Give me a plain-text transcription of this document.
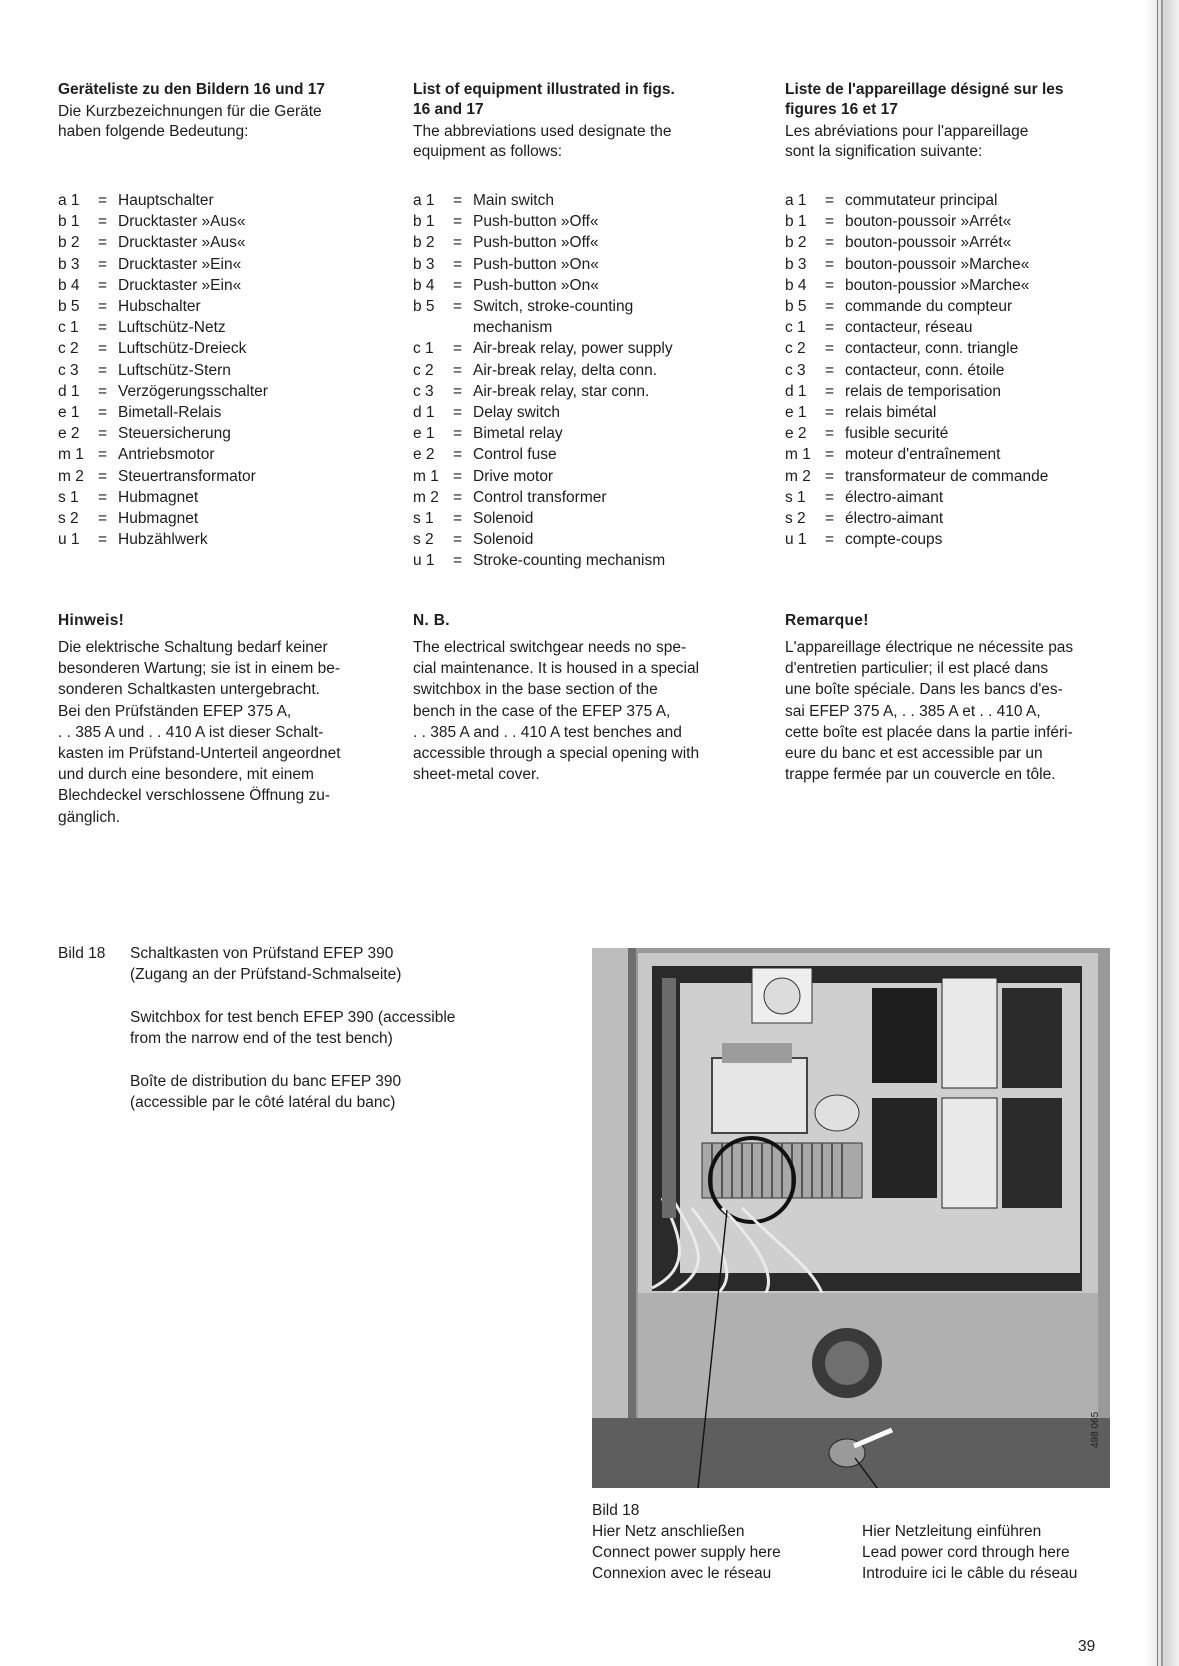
Geräteliste zu den Bildern 16 und 17

Die Kurzbezeichnungen für die Geräte
haben folgende Bedeutung:

List of equipment illustrated in figs.
16 and 17

The abbreviations used designate the
equipment as follows:

Liste de l'appareillage désigné sur les
figures 16 et 17

Les abréviations pour l'appareillage
sont la signification suivante:

a 1	= Hauptschalter
b 1	= Drucktaster »Aus«
b 2	= Drucktaster »Aus«
b 3	= Drucktaster »Ein«
b 4	= Drucktaster »Ein«
b 5	= Hubschalter
c 1	= Luftschütz-Netz
c 2	= Luftschütz-Dreieck
c 3	= Luftschütz-Stern
d 1	= Verzögerungsschalter
e 1	= Bimetall-Relais
e 2	= Steuersicherung
m 1 = Antriebsmotor
m 2 = Steuertransformator
s 1	= Hubmagnet
s 2	= Hubmagnet
u 1	= Hubzählwerk
a 1	= Main switch
b 1	= Push-button »Off«
b 2	= Push-button »Off«
b 3	= Push-button »On«
b 4	= Push-button »On«
b 5	= Switch, stroke-counting
mechanism
c 1	= Air-break relay, power supply
c 2	= Air-break relay, delta conn.
c 3	= Air-break relay, star conn.
d 1	= Delay switch
e 1	= Bimetal relay
e 2	= Control fuse
m 1 = Drive motor
m 2 = Control transformer
s 1	= Solenoid
s 2	= Solenoid
u 1	= Stroke-counting mechanism
a 1	= commutateur principal
b 1	= bouton-poussoir »Arrét«
b 2	= bouton-poussoir »Arrét«
b 3	= bouton-poussoir »Marche«
b 4	= bouton-poussior »Marche«
b 5	= commande du compteur
c 1	= contacteur, réseau
c 2	= contacteur, conn. triangle
c 3	= contacteur, conn. étoile
d 1	= relais de temporisation
e 1	= relais bimétal
e 2	= fusible securité
m 1 = moteur d'entraînement
m 2 = transformateur de commande
s 1	= électro-aimant
s 2	= électro-aimant
u 1	= compte-coups

Hinweis!

Die elektrische Schaltung bedarf keiner
besonderen Wartung; sie ist in einem be-
sonderen Schaltkasten untergebracht.
Bei den Prüfständen EFEP 375 A,
. . 385 A und . . 410 A ist dieser Schalt-
kasten im Prüfstand-Unterteil angeordnet
und durch eine besondere, mit einem
Blechdeckel verschlossene Öffnung zu-
gänglich.

N. B.

The electrical switchgear needs no spe-
cial maintenance. It is housed in a special
switchbox in the base section of the
bench in the case of the EFEP 375 A,
. . 385 A and . . 410 A test benches and
accessible through a special opening with
sheet-metal cover.

Remarque!

L'appareillage électrique ne nécessite pas
d'entretien particulier; il est placé dans
une boîte spéciale. Dans les bancs d'es-
sai EFEP 375 A, . . 385 A et . . 410 A,
cette boîte est placée dans la partie inféri-
eure du banc et est accessible par un
trappe fermée par un couvercle en tôle.
Bild 18	Schaltkasten von Prüfstand EFEP 390
(Zugang an der Prüfstand-Schmalseite)

Switchbox for test bench EFEP 390 (accessible
from the narrow end of the test bench)

Boîte de distribution du banc EFEP 390
(accessible par le côté latéral du banc)

498 065
Bild 18
Hier Netz anschließen
Connect power supply here
Connexion avec le réseau
Hier Netzleitung einführen
Lead power cord through here
Introduire ici le câble du réseau
39
